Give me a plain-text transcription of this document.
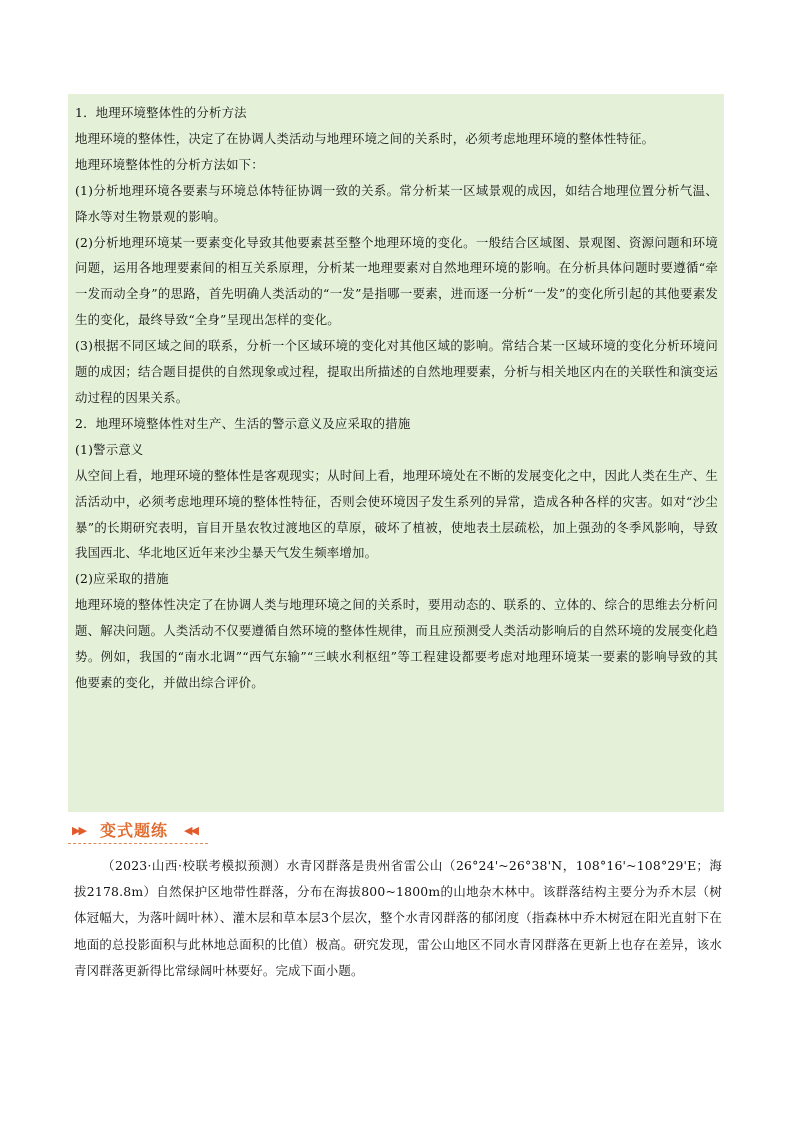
1．地理环境整体性的分析方法

地理环境的整体性，决定了在协调人类活动与地理环境之间的关系时，必须考虑地理环境的整体性特征。

地理环境整体性的分析方法如下：

(1)分析地理环境各要素与环境总体特征协调一致的关系。常分析某一区域景观的成因，如结合地理位置分析气温、降水等对生物景观的影响。

(2)分析地理环境某一要素变化导致其他要素甚至整个地理环境的变化。一般结合区域图、景观图、资源问题和环境问题，运用各地理要素间的相互关系原理，分析某一地理要素对自然地理环境的影响。在分析具体问题时要遵循“牵一发而动全身”的思路，首先明确人类活动的“一发”是指哪一要素，进而逐一分析“一发”的变化所引起的其他要素发生的变化，最终导致“全身”呈现出怎样的变化。

(3)根据不同区域之间的联系，分析一个区域环境的变化对其他区域的影响。常结合某一区域环境的变化分析环境问题的成因；结合题目提供的自然现象或过程，提取出所描述的自然地理要素，分析与相关地区内在的关联性和演变运动过程的因果关系。

2．地理环境整体性对生产、生活的警示意义及应采取的措施

(1)警示意义

从空间上看，地理环境的整体性是客观现实；从时间上看，地理环境处在不断的发展变化之中，因此人类在生产、生活活动中，必须考虑地理环境的整体性特征，否则会使环境因子发生系列的异常，造成各种各样的灾害。如对“沙尘暴”的长期研究表明，盲目开垦农牧过渡地区的草原，破坏了植被，使地表土层疏松，加上强劲的冬季风影响，导致我国西北、华北地区近年来沙尘暴天气发生频率增加。

(2)应采取的措施

地理环境的整体性决定了在协调人类与地理环境之间的关系时，要用动态的、联系的、立体的、综合的思维去分析问题、解决问题。人类活动不仅要遵循自然环境的整体性规律，而且应预测受人类活动影响后的自然环境的发展变化趋势。例如，我国的“南水北调”“西气东输”“三峡水利枢纽”等工程建设都要考虑对地理环境某一要素的影响导致的其他要素的变化，并做出综合评价。

▶▶ 变式题练 ◀◀

（2023·山西·校联考模拟预测）水青冈群落是贵州省雷公山（26°24'~26°38'N，108°16'~108°29'E；海拔2178.8m）自然保护区地带性群落，分布在海拔800~1800m的山地杂木林中。该群落结构主要分为乔木层（树体冠幅大，为落叶阔叶林）、灌木层和草本层3个层次，整个水青冈群落的郁闭度（指森林中乔木树冠在阳光直射下在地面的总投影面积与此林地总面积的比值）极高。研究发现，雷公山地区不同水青冈群落在更新上也存在差异，该水青冈群落更新得比常绿阔叶林要好。完成下面小题。
